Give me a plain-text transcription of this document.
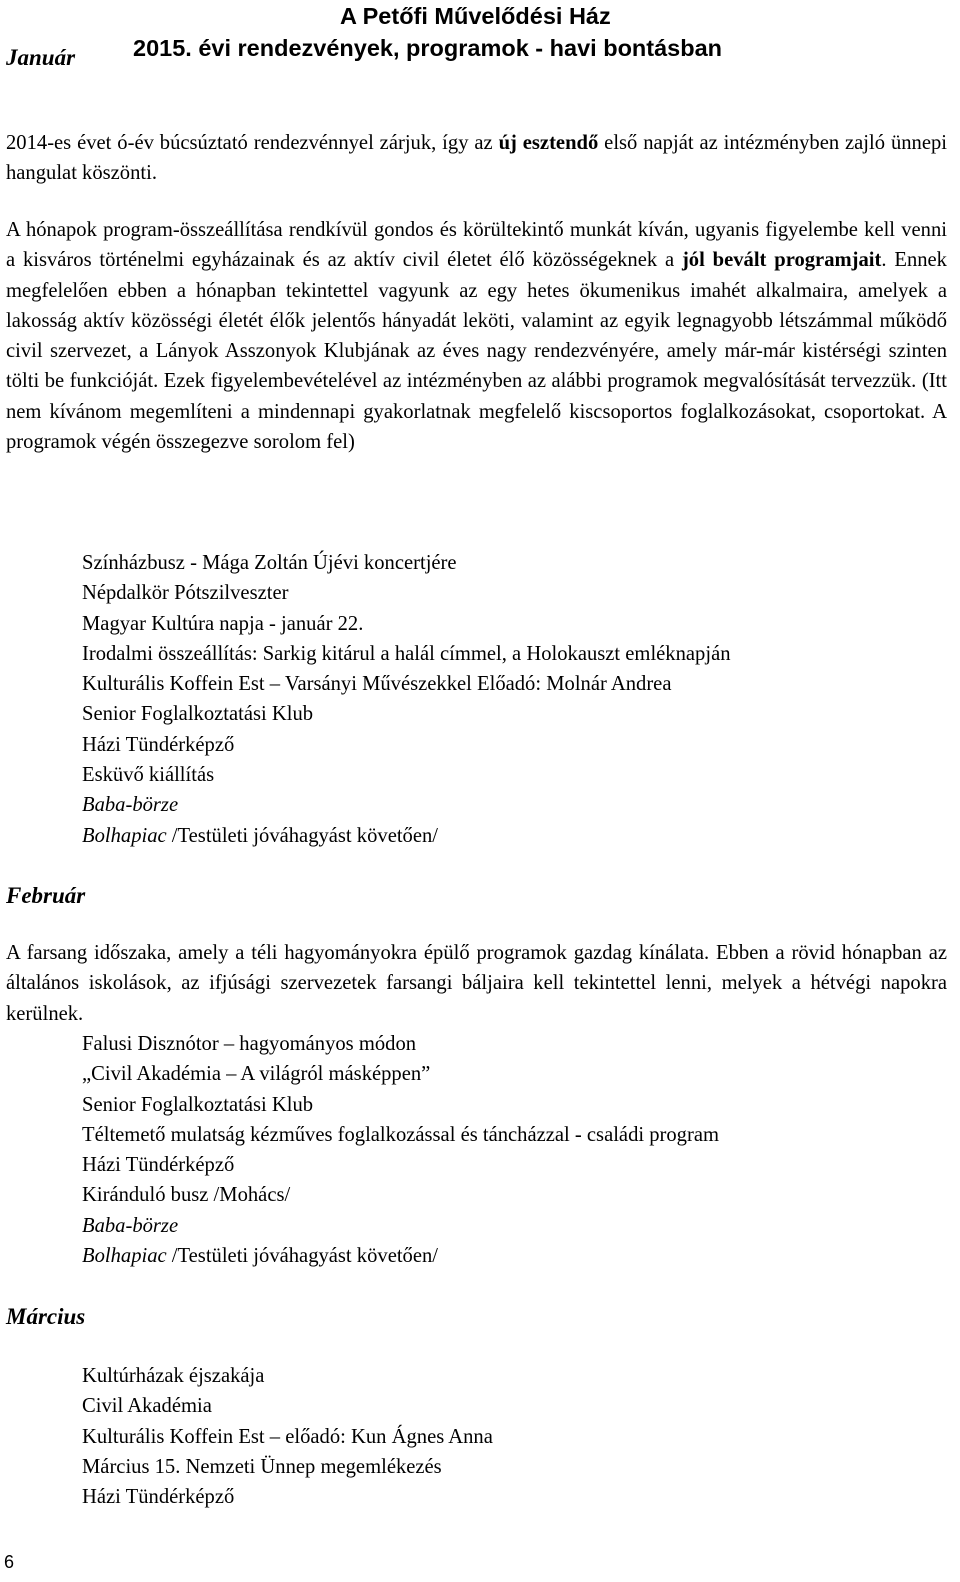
A Petőfi Művelődési Ház
2015. évi rendezvények, programok - havi bontásban
Január

2014-es évet ó-év búcsúztató rendezvénnyel zárjuk, így az új esztendő első napját az intézményben zajló ünnepi hangulat köszönti.

A hónapok program-összeállítása rendkívül gondos és körültekintő munkát kíván, ugyanis figyelembe kell venni a kisváros történelmi egyházainak és az aktív civil életet élő közösségeknek a jól bevált programjait. Ennek megfelelően ebben a hónapban tekintettel vagyunk az egy hetes ökumenikus imahét alkalmaira, amelyek a lakosság aktív közösségi életét élők jelentős hányadát leköti, valamint az egyik legnagyobb létszámmal működő civil szervezet, a Lányok Asszonyok Klubjának az éves nagy rendezvényére, amely már-már kistérségi szinten tölti be funkcióját. Ezek figyelembevételével az intézményben az alábbi programok megvalósítását tervezzük. (Itt nem kívánom megemlíteni a mindennapi gyakorlatnak megfelelő kiscsoportos foglalkozásokat, csoportokat. A programok végén összegezve sorolom fel)

Színházbusz - Mága Zoltán Újévi koncertjére
Népdalkör Pótszilveszter
Magyar Kultúra napja - január 22.
Irodalmi összeállítás: Sarkig kitárul a halál címmel, a Holokauszt emléknapján
Kulturális Koffein Est – Varsányi Művészekkel Előadó: Molnár Andrea
Senior Foglalkoztatási Klub
Házi Tündérképző
Esküvő kiállítás
Baba-börze
Bolhapiac /Testületi jóváhagyást követően/
Február

A farsang időszaka, amely a téli hagyományokra épülő programok gazdag kínálata. Ebben a rövid hónapban az általános iskolások, az ifjúsági szervezetek farsangi báljaira kell tekintettel lenni, melyek a hétvégi napokra kerülnek.

Falusi Disznótor – hagyományos módon
„Civil Akadémia – A világról másképpen”
Senior Foglalkoztatási Klub
Téltemető mulatság kézműves foglalkozással és táncházzal - családi program
Házi Tündérképző
Kiránduló busz /Mohács/
Baba-börze
Bolhapiac /Testületi jóváhagyást követően/
Március
Kultúrházak éjszakája
Civil Akadémia
Kulturális Koffein Est – előadó: Kun Ágnes Anna
Március 15. Nemzeti Ünnep megemlékezés
Házi Tündérképző
6
